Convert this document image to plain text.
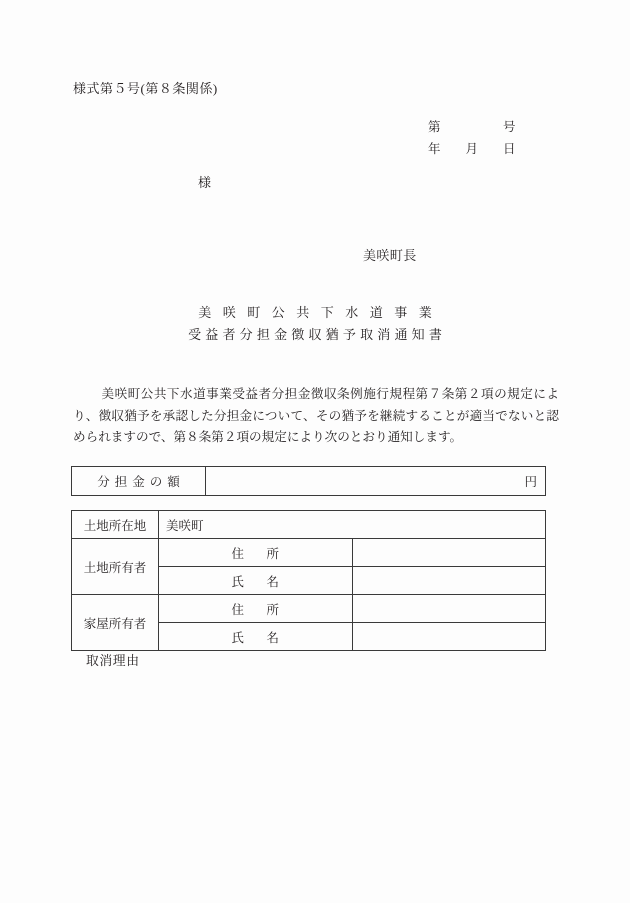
様式第５号(第８条関係)
第　　　　　号
年　　月　　日
様
美咲町長
美咲町公共下水道事業
受益者分担金徴収猶予取消通知書
美咲町公共下水道事業受益者分担金徴収条例施行規程第７条第２項の規定により、徴収猶予を承認した分担金について、その猶予を継続することが適当でないと認められますので、第８条第２項の規定により次のとおり通知します。
分担金の額	円
土地所在地	美咲町	
土地所有者	住　所	
	氏　名	
家屋所有者	住　所	
	氏　名	
取消理由
